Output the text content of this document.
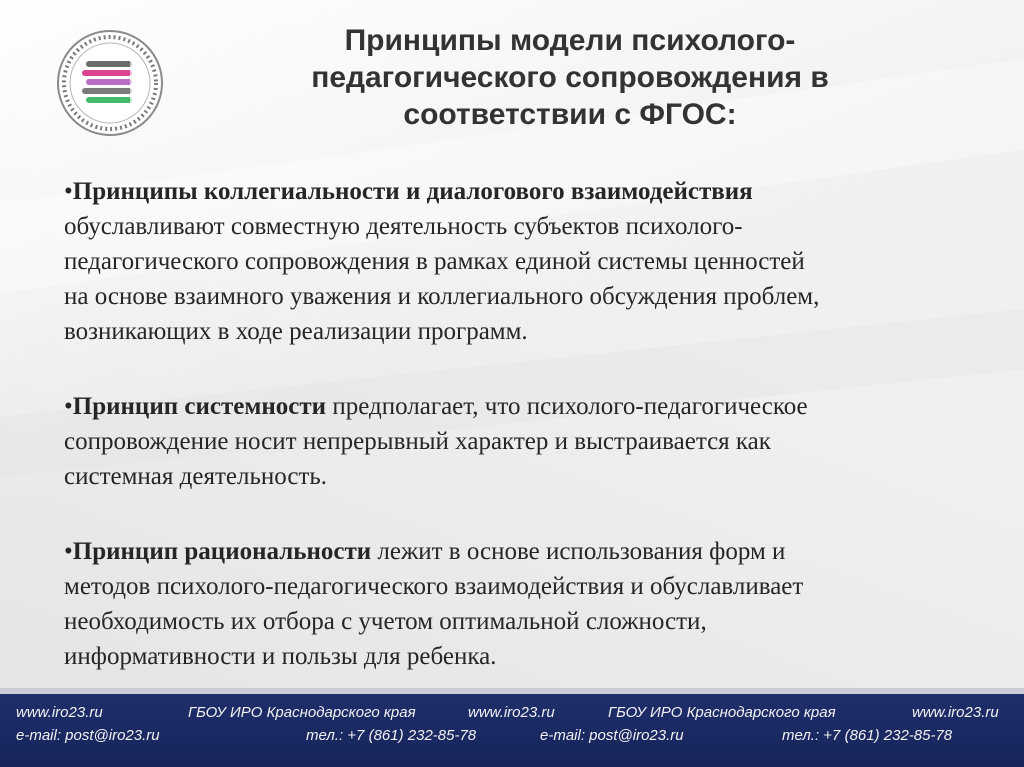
Принципы модели психолого-
педагогического сопровождения в
соответствии с ФГОС:

•Принципы коллегиальности и диалогового взаимодействия
обуславливают совместную деятельность субъектов психолого-
педагогического сопровождения в рамках единой системы ценностей
на основе взаимного уважения и коллегиального обсуждения проблем,
возникающих в ходе реализации программ.

•Принцип системности предполагает, что психолого-педагогическое
сопровождение носит непрерывный характер и выстраивается как
системная деятельность.

•Принцип рациональности лежит в основе использования форм и
методов психолого-педагогического взаимодействия и обуславливает
необходимость их отбора с учетом оптимальной сложности,
информативности и пользы для ребенка.

www.iro23.ru	ГБОУ ИРО Краснодарского края	www.iro23.ru	ГБОУ ИРО Краснодарского края	www.iro23.ru
e-mail: post@iro23.ru	тел.: +7 (861) 232-85-78	e-mail: post@iro23.ru	тел.: +7 (861) 232-85-78
